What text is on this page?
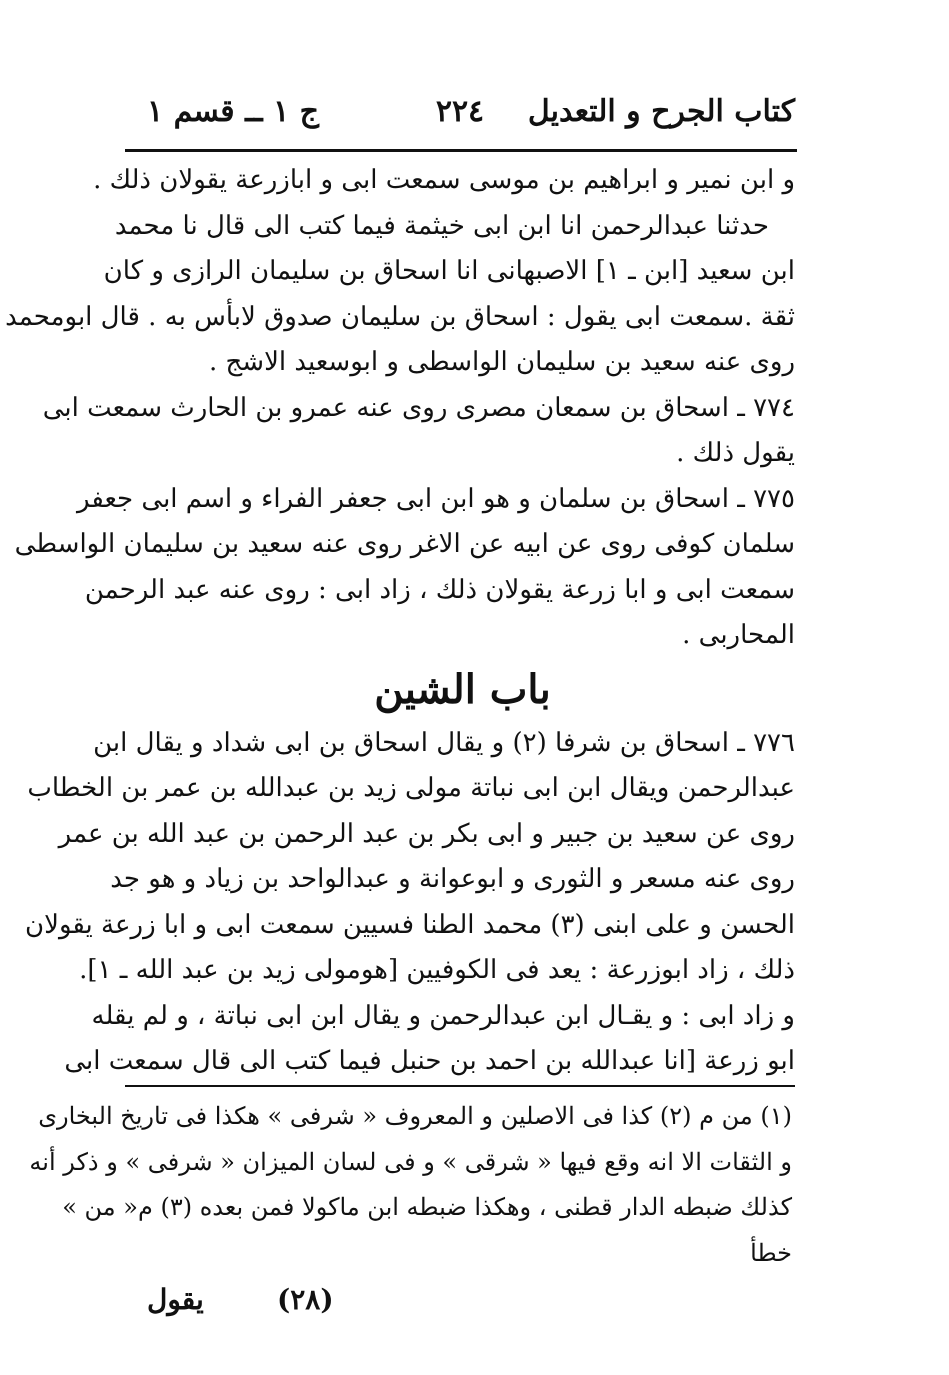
كتاب الجرح و التعديل
٢٢٤
ج ١ ــ قسم ١
و ابن نمير و ابراهيم بن موسى سمعت ابى و ابازرعة يقولان ذلك .
حدثنا عبدالرحمن انا ابن ابى خيثمة فيما كتب الى قال نا محمد
ابن سعيد [ابن ـ ١] الاصبهانى انا اسحاق بن سليمان الرازى و كان
ثقة .سمعت ابى يقول : اسحاق بن سليمان صدوق لابأس به . قال ابومحمد
روى عنه سعيد بن سليمان الواسطى و ابوسعيد الاشج .
٧٧٤ ـ اسحاق بن سمعان مصرى روى عنه عمرو بن الحارث سمعت ابى
يقول ذلك .
٧٧٥ ـ اسحاق بن سلمان و هو ابن ابى جعفر الفراء و اسم ابى جعفر
سلمان كوفى روى عن ابيه عن الاغر روى عنه سعيد بن سليمان الواسطى
سمعت ابى و ابا زرعة يقولان ذلك ، زاد ابى : روى عنه عبد الرحمن
المحاربى .
باب الشين
٧٧٦ ـ اسحاق بن شرفا (٢) و يقال اسحاق بن ابى شداد و يقال ابن
عبدالرحمن ويقال ابن ابى نباتة مولى زيد بن عبدالله بن عمر بن الخطاب
روى عن سعيد بن جبير و ابى بكر بن عبد الرحمن بن عبد الله بن عمر
روى عنه مسعر و الثورى و ابوعوانة و عبدالواحد بن زياد و هو جد
الحسن و على ابنى (٣) محمد الطنا فسيين سمعت ابى و ابا زرعة يقولان
ذلك ، زاد ابوزرعة : يعد فى الكوفيين [هومولى زيد بن عبد الله ـ ١].
و زاد ابى : و يقـال ابن عبدالرحمن و يقال ابن ابى نباتة ، و لم يقله
ابو زرعة [انا عبدالله بن احمد بن حنبل فيما كتب الى قال سمعت ابى
(١) من م (٢) كذا فى الاصلين و المعروف « شرفى » هكذا فى تاريخ البخارى
و الثقات الا انه وقع فيها « شرقى » و فى لسان الميزان « شرفى » و ذكر أنه
كذلك ضبطه الدار قطنى ، وهكذا ضبطه ابن ماكولا فمن بعده (٣) م« من »
خطأ
يقول	(٢٨)
